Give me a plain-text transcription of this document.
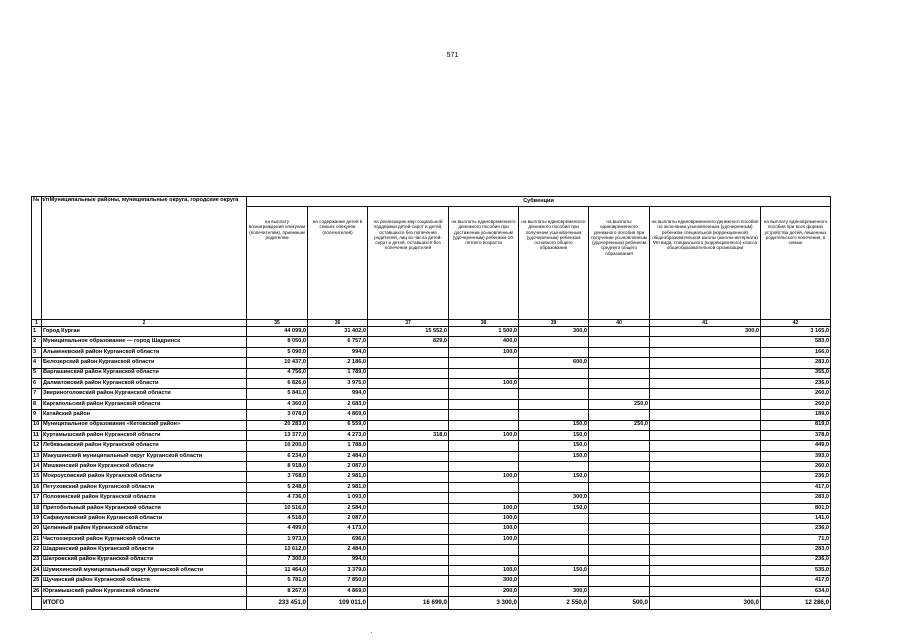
571
№ п/п	Муниципальные районы, муниципальные округа, городские округа	Субвенции							
		на выплату вознаграждения опекунам (попечителям), приемным родителям	на содержание детей в семьях опекунов (попечителей)	на реализацию мер социальной поддержки детей-сирот и детей, оставшихся без попечения родителей, лиц из числа детей-сирот и детей, оставшихся без попечения родителей	на выплаты единовременного денежного пособия при достижении усыновленным (удочеренным) ребенком 10-летнего возраста	на выплаты единовременного денежного пособия при получении усыновленным (удочеренным) ребенком основного общего образования	на выплаты единовременного денежного пособия при получении усыновленным (удочеренным) ребенком среднего общего образования	на выплаты единовременного денежного пособия по окончании усыновленным (удочеренным) ребенком специальной (коррекционной) общеобразовательной школы (школы-интерната) VIII вида, специального (коррекционного) класса общеобразовательной организации	на выплату единовременного пособия при всех формах устройства детей, лишенных родительского попечения, в семью
1	2	35	36	37	38	39	40	41	42
1	Город Курган	44 099,0	31 402,0	15 552,0	1 500,0	300,0		300,0	3 165,0
2	Муниципальное образование — город Шадринск	8 050,0	6 757,0	829,0	400,0				583,0
3	Альменевский район Курганской области	5 090,0	994,0		100,0				166,0
4	Белозерский район Курганской области	10 437,0	2 186,0			600,0			283,0
5	Варгашинский район Курганской области	4 756,0	1 789,0						355,0
6	Далматовский район Курганской области	6 826,0	3 975,0		100,0				236,0
7	Звериноголовский район Курганской области	5 841,0	994,0						260,0
8	Каргапольский район Курганской области	4 360,0	2 683,0				250,0		260,0
9	Катайский район	3 078,0	4 869,0						189,0
10	Муниципальное образование «Кетовский район»	20 283,0	6 559,0			150,0	250,0		819,0
11	Куртамышский район Курганской области	13 377,0	4 273,0	318,0	100,0	150,0			378,0
12	Лебяжьевский район Курганской области	10 200,0	1 788,0			150,0			449,0
13	Макушинский муниципальный округ Курганской области	6 234,0	2 484,0			150,0			393,0
14	Мишкинский район Курганской области	8 918,0	2 087,0						260,0
15	Мокроусовский район Курганской области	3 768,0	2 981,0		100,0	150,0			236,0
16	Петуховский район Курганской области	5 248,0	2 981,0						417,0
17	Половинский район Курганской области	4 736,0	1 093,0			300,0			283,0
18	Притобольный район Курганской области	10 516,0	2 584,0		100,0	150,0			801,0
19	Сафакулевский район Курганской области	4 518,0	2 087,0		100,0				141,0
20	Целинный район Курганской области	4 499,0	4 173,0		100,0				236,0
21	Частоозерский район Курганской области	1 973,0	696,0		100,0				71,0
22	Шадринский район Курганской области	13 612,0	2 484,0						283,0
23	Шатровский район Курганской области	7 300,0	994,0						236,0
24	Шумихинский муниципальный округ Курганской области	11 464,0	3 379,0		100,0	150,0			535,0
25	Щучанский район Курганской области	5 781,0	7 850,0		300,0				417,0
26	Юргамышский район Курганской области	8 267,0	4 869,0		200,0	300,0			634,0
	ИТОГО	233 451,0	109 011,0	16 699,0	3 300,0	2 550,0	500,0	300,0	12 286,0
